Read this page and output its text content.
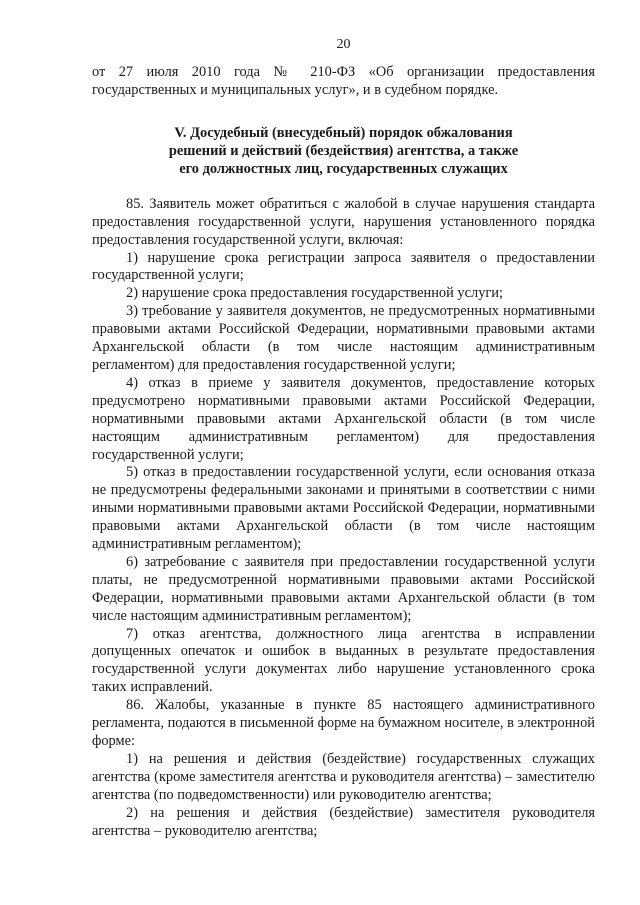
20

от 27 июля 2010 года № 210-ФЗ «Об организации предоставления государственных и муниципальных услуг», и в судебном порядке.

V. Досудебный (внесудебный) порядок обжалования
решений и действий (бездействия) агентства, а также
его должностных лиц, государственных служащих

85. Заявитель может обратиться с жалобой в случае нарушения стандарта предоставления государственной услуги, нарушения установленного порядка предоставления государственной услуги, включая:

1) нарушение срока регистрации запроса заявителя о предоставлении государственной услуги;

2) нарушение срока предоставления государственной услуги;

3) требование у заявителя документов, не предусмотренных нормативными правовыми актами Российской Федерации, нормативными правовыми актами Архангельской области (в том числе настоящим административным регламентом) для предоставления государственной услуги;

4) отказ в приеме у заявителя документов, предоставление которых предусмотрено нормативными правовыми актами Российской Федерации, нормативными правовыми актами Архангельской области (в том числе настоящим административным регламентом) для предоставления государственной услуги;

5) отказ в предоставлении государственной услуги, если основания отказа не предусмотрены федеральными законами и принятыми в соответствии с ними иными нормативными правовыми актами Российской Федерации, нормативными правовыми актами Архангельской области (в том числе настоящим административным регламентом);

6) затребование с заявителя при предоставлении государственной услуги платы, не предусмотренной нормативными правовыми актами Российской Федерации, нормативными правовыми актами Архангельской области (в том числе настоящим административным регламентом);

7) отказ агентства, должностного лица агентства в исправлении допущенных опечаток и ошибок в выданных в результате предоставления государственной услуги документах либо нарушение установленного срока таких исправлений.

86. Жалобы, указанные в пункте 85 настоящего административного регламента, подаются в письменной форме на бумажном носителе, в электронной форме:

1) на решения и действия (бездействие) государственных служащих агентства (кроме заместителя агентства и руководителя агентства) – заместителю агентства (по подведомственности) или руководителю агентства;

2) на решения и действия (бездействие) заместителя руководителя агентства – руководителю агентства;
